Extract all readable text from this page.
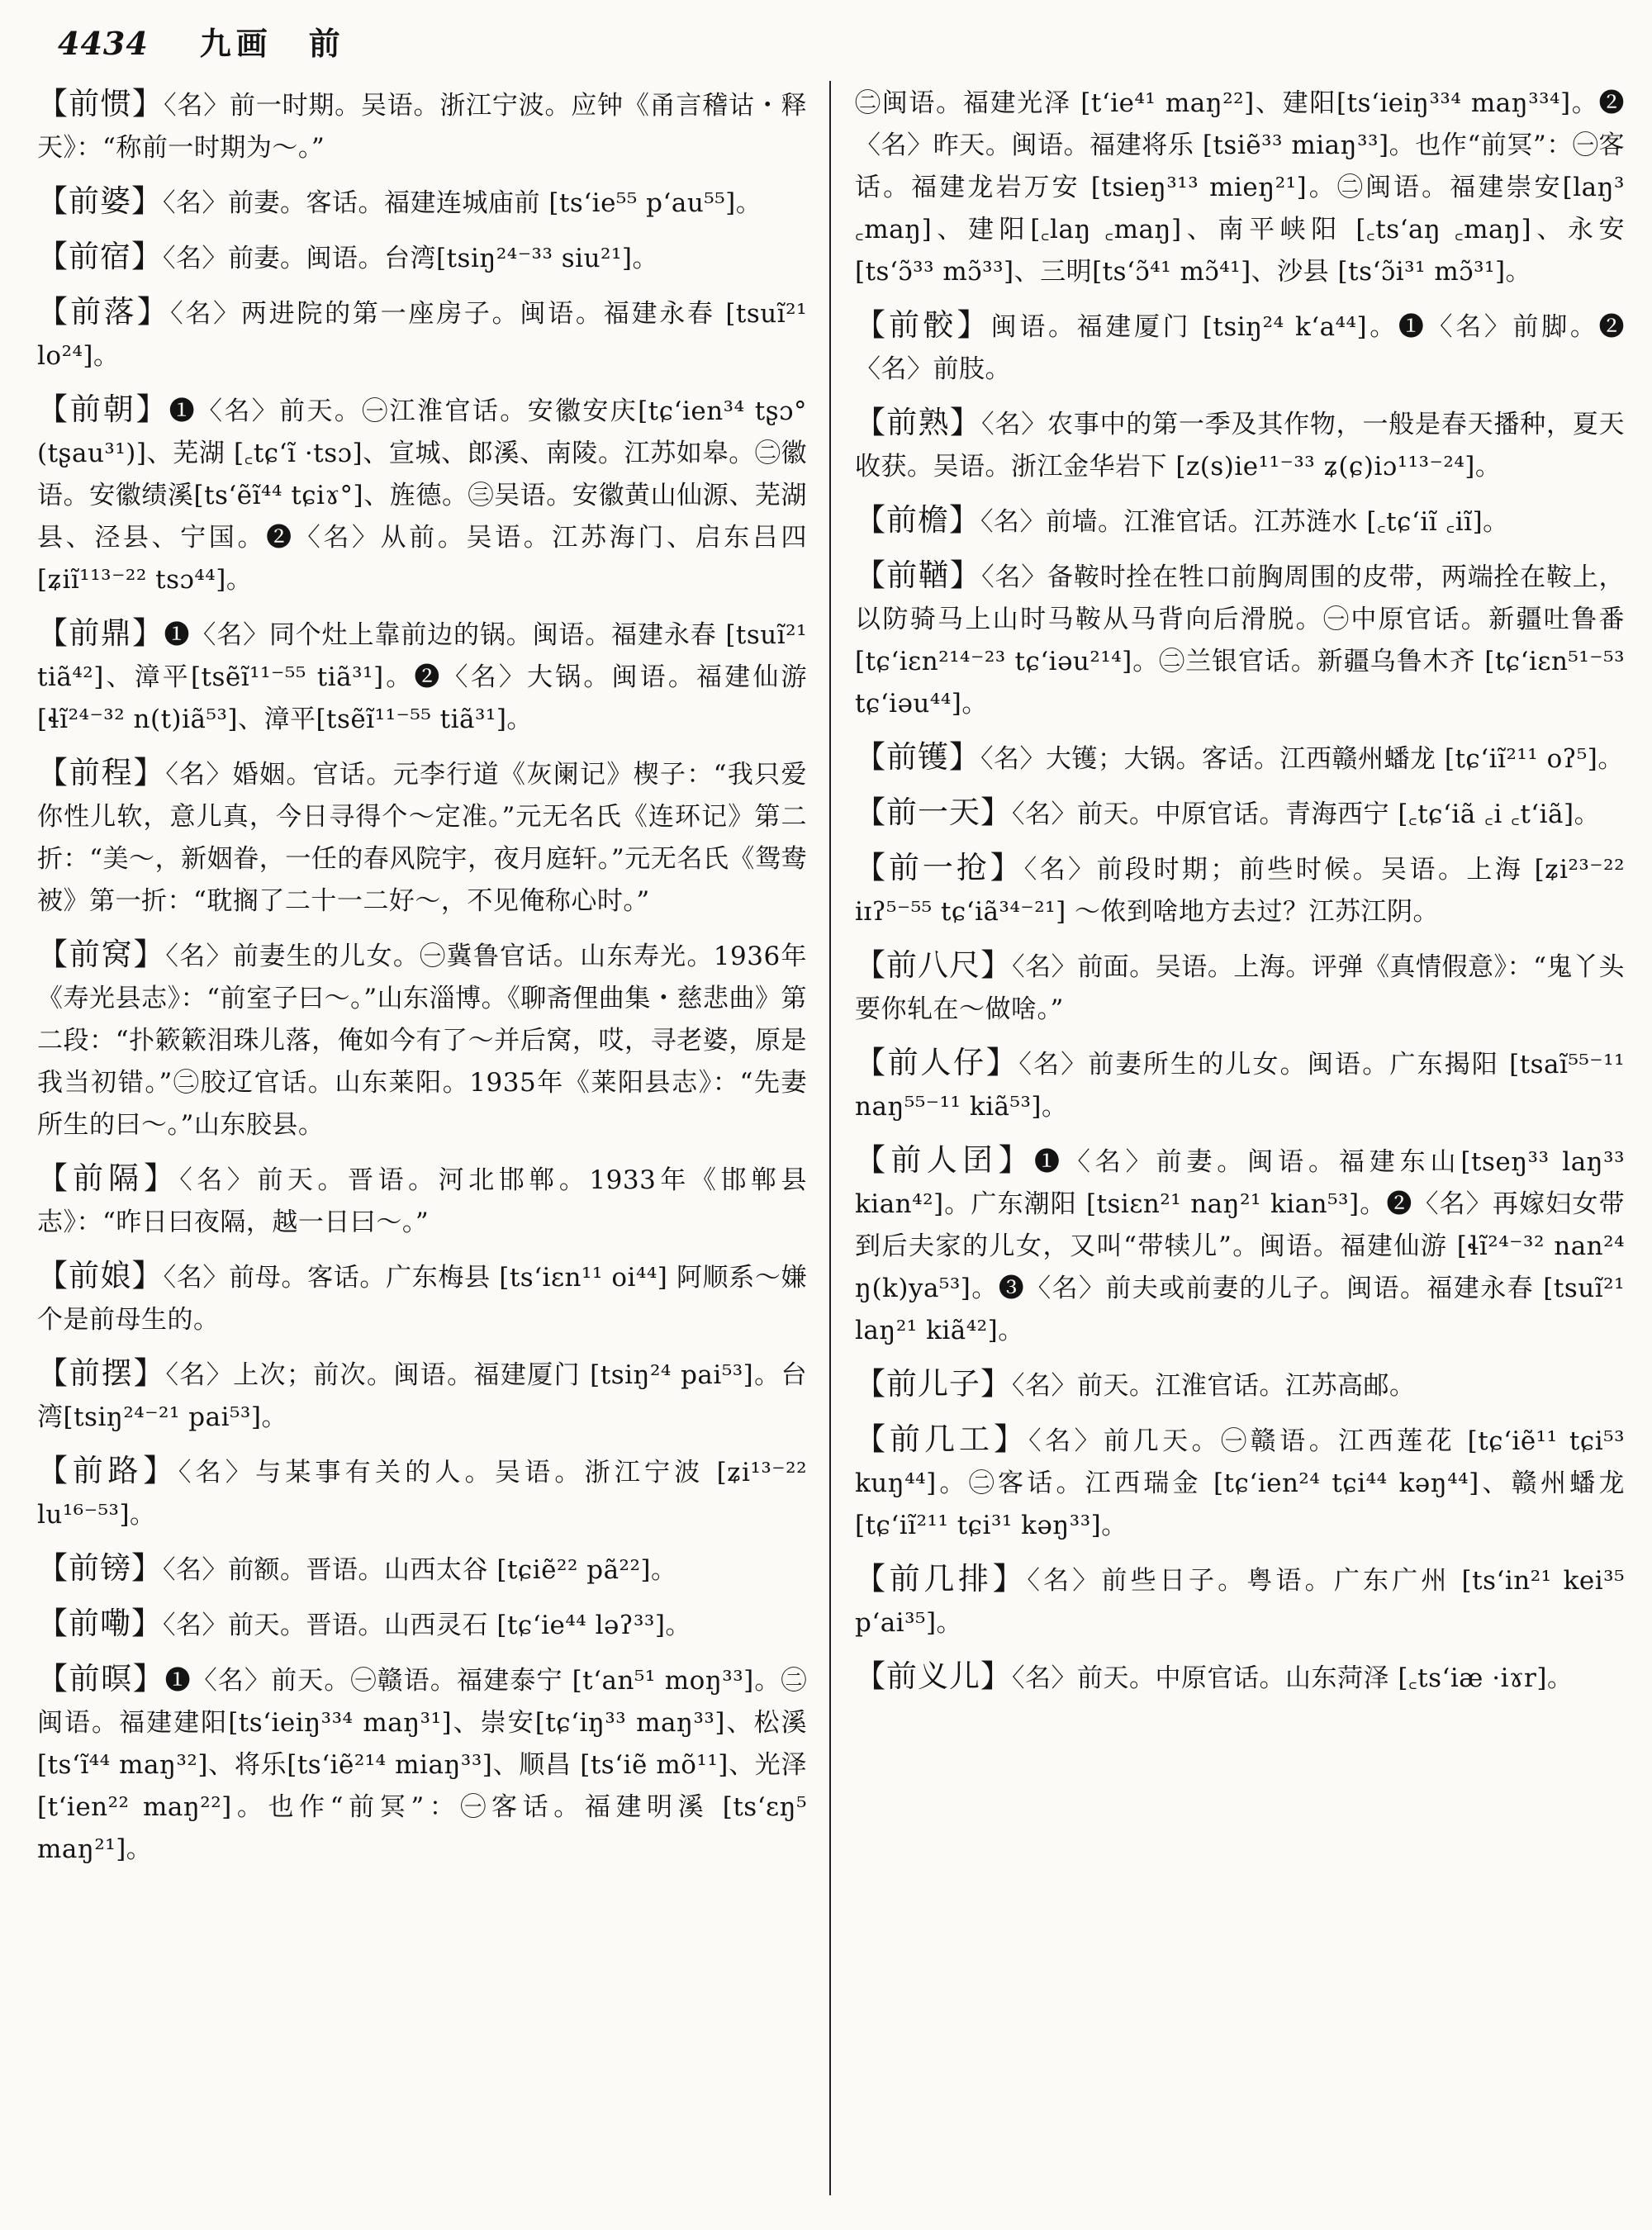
4434 九画　前

【 前惯 】 〈名〉前一时期。吴语。浙江宁波。应钟《甬言稽诂・释天》：“称前一时期为～。”

【 前婆 】 〈名〉前妻。客话。福建连城庙前 [ts‘ie⁵⁵ p‘au⁵⁵]。

【 前宿 】 〈名〉前妻。闽语。台湾[tsiŋ²⁴⁻³³ siu²¹]。

【 前落 】 〈名〉两进院的第一座房子。闽语。福建永春 [tsuĩ²¹ lo²⁴]。

【 前朝 】 ❶〈名〉前天。㊀江淮官话。安徽安庆[tɕ‘ien³⁴ tʂɔ°(tʂau³¹)]、芜湖 [꜀tɕ‘ĩ ·tsɔ]、宣城、郎溪、南陵。江苏如皋。㊁徽语。安徽绩溪[ts‘ẽĩ⁴⁴ tɕiɤ°]、旌德。㊂吴语。安徽黄山仙源、芜湖县、泾县、宁国。❷〈名〉从前。吴语。江苏海门、启东吕四[ʑiĩ¹¹³⁻²² tsɔ⁴⁴]。

【 前鼎 】 ❶〈名〉同个灶上靠前边的锅。闽语。福建永春 [tsuĩ²¹ tiã⁴²]、漳平[tsẽĩ¹¹⁻⁵⁵ tiã³¹]。❷〈名〉大锅。闽语。福建仙游[ɬĩ²⁴⁻³² n(t)iã⁵³]、漳平[tsẽĩ¹¹⁻⁵⁵ tiã³¹]。

【 前程 】 〈名〉婚姻。官话。元李行道《灰阑记》楔子：“我只爱你性儿软，意儿真，今日寻得个～定准。”元无名氏《连环记》第二折：“美～，新姻眷，一任的春风院宇，夜月庭轩。”元无名氏《鸳鸯被》第一折：“耽搁了二十一二好～，不见俺称心时。”

【 前窝 】 〈名〉前妻生的儿女。㊀冀鲁官话。山东寿光。1936年《寿光县志》：“前室子曰～。”山东淄博。《聊斋俚曲集・慈悲曲》第二段：“扑簌簌泪珠儿落，俺如今有了～并后窝，哎，寻老婆，原是我当初错。”㊁胶辽官话。山东莱阳。1935年《莱阳县志》：“先妻所生的曰～。”山东胶县。

【 前隔 】 〈名〉前天。晋语。河北邯郸。1933年《邯郸县志》：“昨日曰夜隔，越一日曰～。”

【 前娘 】 〈名〉前母。客话。广东梅县 [ts‘iɛn¹¹ oi⁴⁴] 阿顺系～嫌个是前母生的。

【 前摆 】 〈名〉上次；前次。闽语。福建厦门 [tsiŋ²⁴ pai⁵³]。台湾[tsiŋ²⁴⁻²¹ pai⁵³]。

【 前路 】 〈名〉与某事有关的人。吴语。浙江宁波 [ʑi¹³⁻²² lu¹⁶⁻⁵³]。

【 前镑 】 〈名〉前额。晋语。山西太谷 [tɕiẽ²² pã²²]。

【 前嘞 】 〈名〉前天。晋语。山西灵石 [tɕ‘ie⁴⁴ ləʔ³³]。

【 前暝 】 ❶〈名〉前天。㊀赣语。福建泰宁 [t‘an⁵¹ moŋ³³]。㊁闽语。福建建阳[ts‘ieiŋ³³⁴ maŋ³¹]、崇安[tɕ‘iŋ³³ maŋ³³]、松溪[ts‘ĩ⁴⁴ maŋ³²]、将乐[ts‘iẽ²¹⁴ miaŋ³³]、顺昌 [ts‘iẽ mõ¹¹]、光泽[t‘ien²² maŋ²²]。也作“前冥”：㊀客话。福建明溪 [ts‘ɛŋ⁵ maŋ²¹]。

㊁闽语。福建光泽 [t‘ie⁴¹ maŋ²²]、建阳[ts‘ieiŋ³³⁴ maŋ³³⁴]。❷〈名〉昨天。闽语。福建将乐 [tsiẽ³³ miaŋ³³]。也作“前冥”：㊀客话。福建龙岩万安 [tsieŋ³¹³ mieŋ²¹]。㊁闽语。福建崇安[laŋ³ ꜀maŋ]、建阳[꜀laŋ ꜀maŋ]、南平峡阳 [꜀ts‘aŋ ꜀maŋ]、永安 [ts‘ɔ̃³³ mɔ̃³³]、三明[ts‘ɔ̃⁴¹ mɔ̃⁴¹]、沙县 [ts‘ɔ̃i³¹ mɔ̃³¹]。

【 前骹 】 闽语。福建厦门 [tsiŋ²⁴ k‘a⁴⁴]。❶〈名〉前脚。❷〈名〉前肢。

【 前熟 】 〈名〉农事中的第一季及其作物，一般是春天播种，夏天收获。吴语。浙江金华岩下 [z(s)ie¹¹⁻³³ ʑ(ɕ)iɔ¹¹³⁻²⁴]。

【 前檐 】 〈名〉前墙。江淮官话。江苏涟水 [꜀tɕ‘iĩ ꜀iĩ]。

【 前鞧 】 〈名〉备鞍时拴在牲口前胸周围的皮带，两端拴在鞍上，以防骑马上山时马鞍从马背向后滑脱。㊀中原官话。新疆吐鲁番 [tɕ‘iɛn²¹⁴⁻²³ tɕ‘iəu²¹⁴]。㊁兰银官话。新疆乌鲁木齐 [tɕ‘iɛn⁵¹⁻⁵³ tɕ‘iəu⁴⁴]。

【 前镬 】 〈名〉大镬；大锅。客话。江西赣州蟠龙 [tɕ‘iĩ²¹¹ oʔ⁵]。

【 前一天 】 〈名〉前天。中原官话。青海西宁 [꜀tɕ‘iã ꜀i ꜀t‘iã]。

【 前一抢 】 〈名〉前段时期；前些时候。吴语。上海 [ʑi²³⁻²² iɪʔ⁵⁻⁵⁵ tɕ‘iã³⁴⁻²¹] ～侬到啥地方去过？江苏江阴。

【 前八尺 】 〈名〉前面。吴语。上海。评弹《真情假意》：“鬼丫头要你轧在～做啥。”

【 前人仔 】 〈名〉前妻所生的儿女。闽语。广东揭阳 [tsaĩ⁵⁵⁻¹¹ naŋ⁵⁵⁻¹¹ kiã⁵³]。

【 前人囝 】 ❶〈名〉前妻。闽语。福建东山[tseŋ³³ laŋ³³ kian⁴²]。广东潮阳 [tsiɛn²¹ naŋ²¹ kian⁵³]。❷〈名〉再嫁妇女带到后夫家的儿女，又叫“带犊儿”。闽语。福建仙游 [ɬĩ²⁴⁻³² nan²⁴ ŋ(k)ya⁵³]。❸〈名〉前夫或前妻的儿子。闽语。福建永春 [tsuĩ²¹ laŋ²¹ kiã⁴²]。

【 前儿子 】 〈名〉前天。江淮官话。江苏高邮。

【 前几工 】 〈名〉前几天。㊀赣语。江西莲花 [tɕ‘iẽ¹¹ tɕi⁵³ kuŋ⁴⁴]。㊁客话。江西瑞金 [tɕ‘ien²⁴ tɕi⁴⁴ kəŋ⁴⁴]、赣州蟠龙 [tɕ‘iĩ²¹¹ tɕi³¹ kəŋ³³]。

【 前几排 】 〈名〉前些日子。粤语。广东广州 [ts‘in²¹ kei³⁵ p‘ai³⁵]。

【 前义儿 】 〈名〉前天。中原官话。山东菏泽 [꜀ts‘iæ ·iɤr]。
